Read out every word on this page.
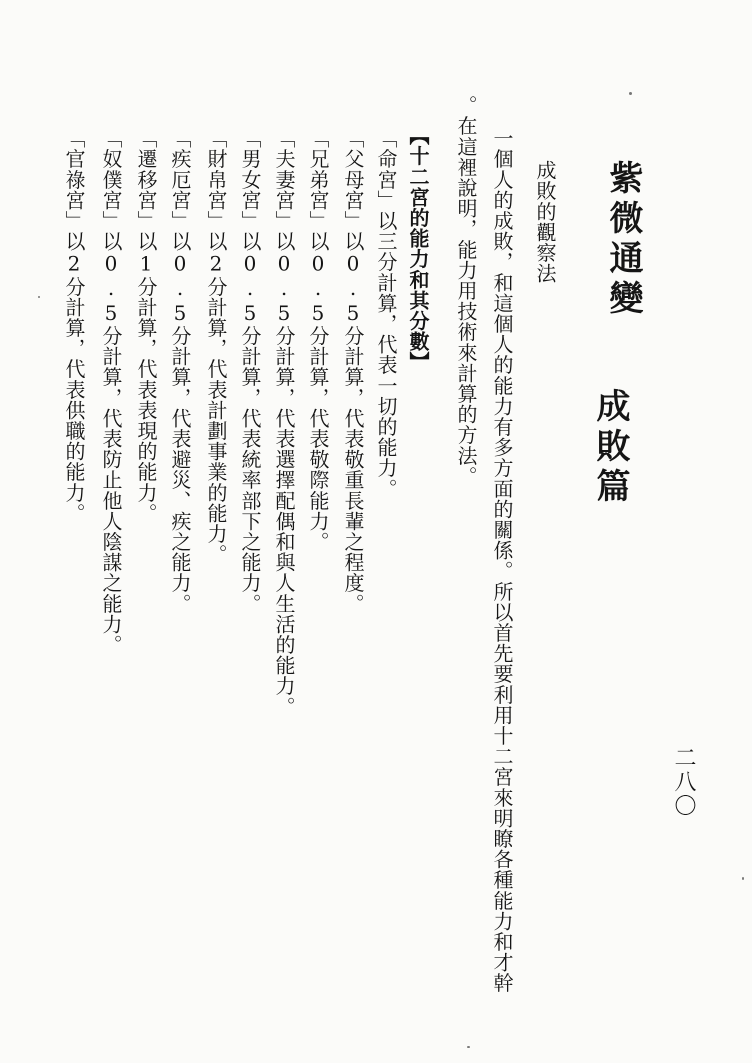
紫微通變
成敗篇
二八〇
成敗的觀察法
一個人的成敗，和這個人的能力有多方面的關係。所以首先要利用十二宮來明瞭各種能力和才幹
。在這裡說明，能力用技術來計算的方法。
【十二宮的能力和其分數】
「命宮」以三分計算，代表一切的能力。
「父母宮」以0.5分計算，代表敬重長輩之程度。
「兄弟宮」以0.5分計算，代表敬際能力。
「夫妻宮」以0.5分計算，代表選擇配偶和與人生活的能力。
「男女宮」以0.5分計算，代表統率部下之能力。
「財帛宮」以2分計算，代表計劃事業的能力。
「疾厄宮」以0.5分計算，代表避災、疾之能力。
「遷移宮」以1分計算，代表表現的能力。
「奴僕宮」以0.5分計算，代表防止他人陰謀之能力。
「官祿宮」以2分計算，代表供職的能力。
